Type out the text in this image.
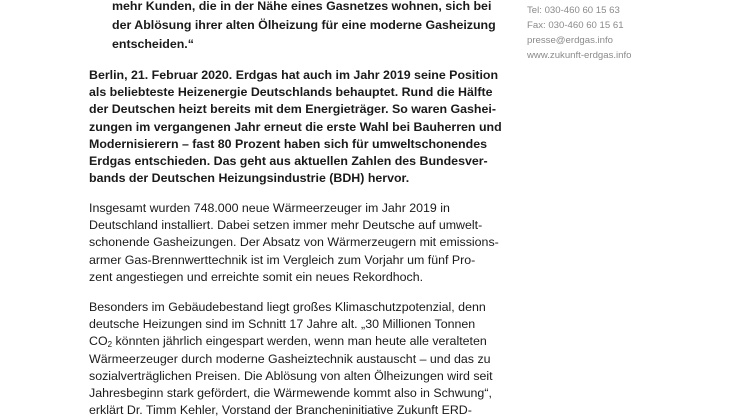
mehr Kunden, die in der Nähe eines Gasnetzes wohnen, sich bei
der Ablösung ihrer alten Ölheizung für eine moderne Gasheizung
entscheiden.“

Tel: 030-460 60 15 63
Fax: 030-460 60 15 61
presse@erdgas.info
www.zukunft-erdgas.info

Berlin, 21. Februar 2020. Erdgas hat auch im Jahr 2019 seine Position
als beliebteste Heizenergie Deutschlands behauptet. Rund die Hälfte
der Deutschen heizt bereits mit dem Energieträger. So waren Gashei-
zungen im vergangenen Jahr erneut die erste Wahl bei Bauherren und
Modernisierern – fast 80 Prozent haben sich für umweltschonendes
Erdgas entschieden. Das geht aus aktuellen Zahlen des Bundesver-
bands der Deutschen Heizungsindustrie (BDH) hervor.

Insgesamt wurden 748.000 neue Wärmeerzeuger im Jahr 2019 in
Deutschland installiert. Dabei setzen immer mehr Deutsche auf umwelt-
schonende Gasheizungen. Der Absatz von Wärmerzeugern mit emissions-
armer Gas-Brennwerttechnik ist im Vergleich zum Vorjahr um fünf Pro-
zent angestiegen und erreichte somit ein neues Rekordhoch.

Besonders im Gebäudebestand liegt großes Klimaschutzpotenzial, denn
deutsche Heizungen sind im Schnitt 17 Jahre alt. „30 Millionen Tonnen
$CO_2$ könnten jährlich eingespart werden, wenn man heute alle veralteten
Wärmeerzeuger durch moderne Gasheiztechnik austauscht – und das zu
sozialverträglichen Preisen. Die Ablösung von alten Ölheizungen wird seit
Jahresbeginn stark gefördert, die Wärmewende kommt also in Schwung“,
erklärt Dr. Timm Kehler, Vorstand der Brancheninitiative Zukunft ERD-
